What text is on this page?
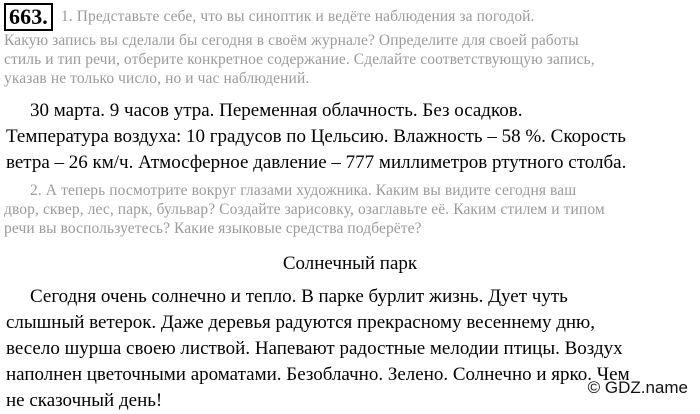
663. 1. Представьте себе, что вы синоптик и ведёте наблюдения за погодой.
Какую запись вы сделали бы сегодня в своём журнале? Определите для своей работы
стиль и тип речи, отберите конкретное содержание. Сделайте соответствующую запись,
указав не только число, но и час наблюдений.
30 марта. 9 часов утра. Переменная облачность. Без осадков.
Температура воздуха: 10 градусов по Цельсию. Влажность – 58 %. Скорость
ветра – 26 км/ч. Атмосферное давление – 777 миллиметров ртутного столба.
2. А теперь посмотрите вокруг глазами художника. Каким вы видите сегодня ваш
двор, сквер, лес, парк, бульвар? Создайте зарисовку, озаглавьте её. Каким стилем и типом
речи вы воспользуетесь? Какие языковые средства подберёте?
Солнечный парк
Сегодня очень солнечно и тепло. В парке бурлит жизнь. Дует чуть
слышный ветерок. Даже деревья радуются прекрасному весеннему дню,
весело шурша своею листвой. Напевают радостные мелодии птицы. Воздух
наполнен цветочными ароматами. Безоблачно. Зелено. Солнечно и ярко. Чем
не сказочный день!
© GDZ.name
